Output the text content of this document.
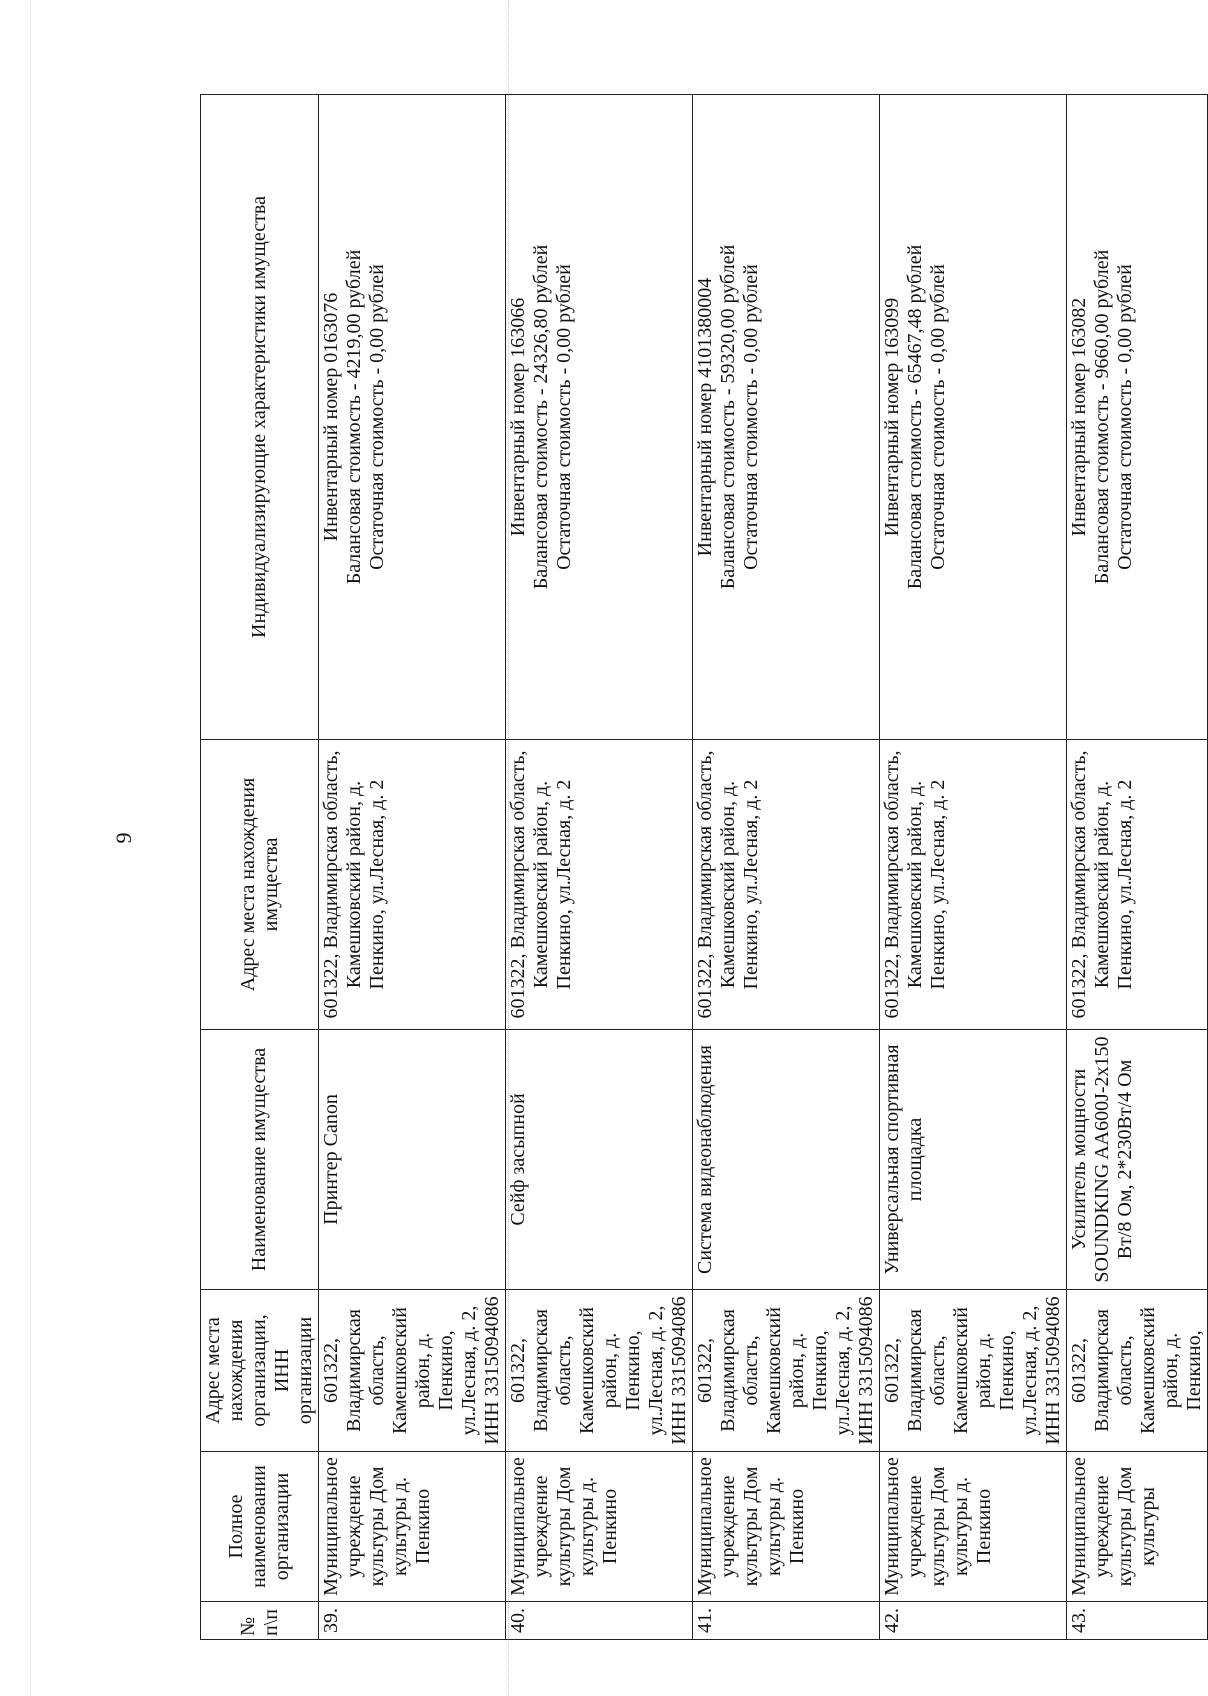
9
№ п\п	Полное наименовании организации	Адрес места нахождения организации, ИНН организации	Наименование имущества	Адрес места нахождения имущества	Индивидуализирующие характеристики имущества
39.	Муниципальное учреждение культуры Дом культуры д. Пенкино	601322, Владимирская область, Камешковский район, д. Пенкино, ул.Лесная, д. 2, ИНН 3315094086	Принтер Canon	601322, Владимирская область, Камешковский район, д. Пенкино, ул.Лесная, д. 2	Инвентарный номер 0163076 Балансовая стоимость - 4219,00 рублей Остаточная стоимость - 0,00 рублей

40.	Муниципальное учреждение культуры Дом культуры д. Пенкино	601322, Владимирская область, Камешковский район, д. Пенкино, ул.Лесная, д. 2, ИНН 3315094086	Сейф засыпной	601322, Владимирская область, Камешковский район, д. Пенкино, ул.Лесная, д. 2	Инвентарный номер 163066 Балансовая стоимость - 24326,80 рублей Остаточная стоимость - 0,00 рублей

41.	Муниципальное учреждение культуры Дом культуры д. Пенкино	601322, Владимирская область, Камешковский район, д. Пенкино, ул.Лесная, д. 2, ИНН 3315094086	Система видеонаблюдения	601322, Владимирская область, Камешковский район, д. Пенкино, ул.Лесная, д. 2	Инвентарный номер 4101380004 Балансовая стоимость - 59320,00 рублей Остаточная стоимость - 0,00 рублей

42.	Муниципальное учреждение культуры Дом культуры д. Пенкино	601322, Владимирская область, Камешковский район, д. Пенкино, ул.Лесная, д. 2, ИНН 3315094086	Универсальная спортивная площадка	601322, Владимирская область, Камешковский район, д. Пенкино, ул.Лесная, д. 2	Инвентарный номер 163099 Балансовая стоимость - 65467,48 рублей Остаточная стоимость - 0,00 рублей

43.	Муниципальное учреждение культуры Дом культуры	601322, Владимирская область, Камешковский район, д. Пенкино,	Усилитель мощности SOUNDKING AA600J-2x150 Вт/8 Ом, 2*230Вт/4 Ом	601322, Владимирская область, Камешковский район, д. Пенкино, ул.Лесная, д. 2	Инвентарный номер 163082 Балансовая стоимость - 9660,00 рублей Остаточная стоимость - 0,00 рублей
